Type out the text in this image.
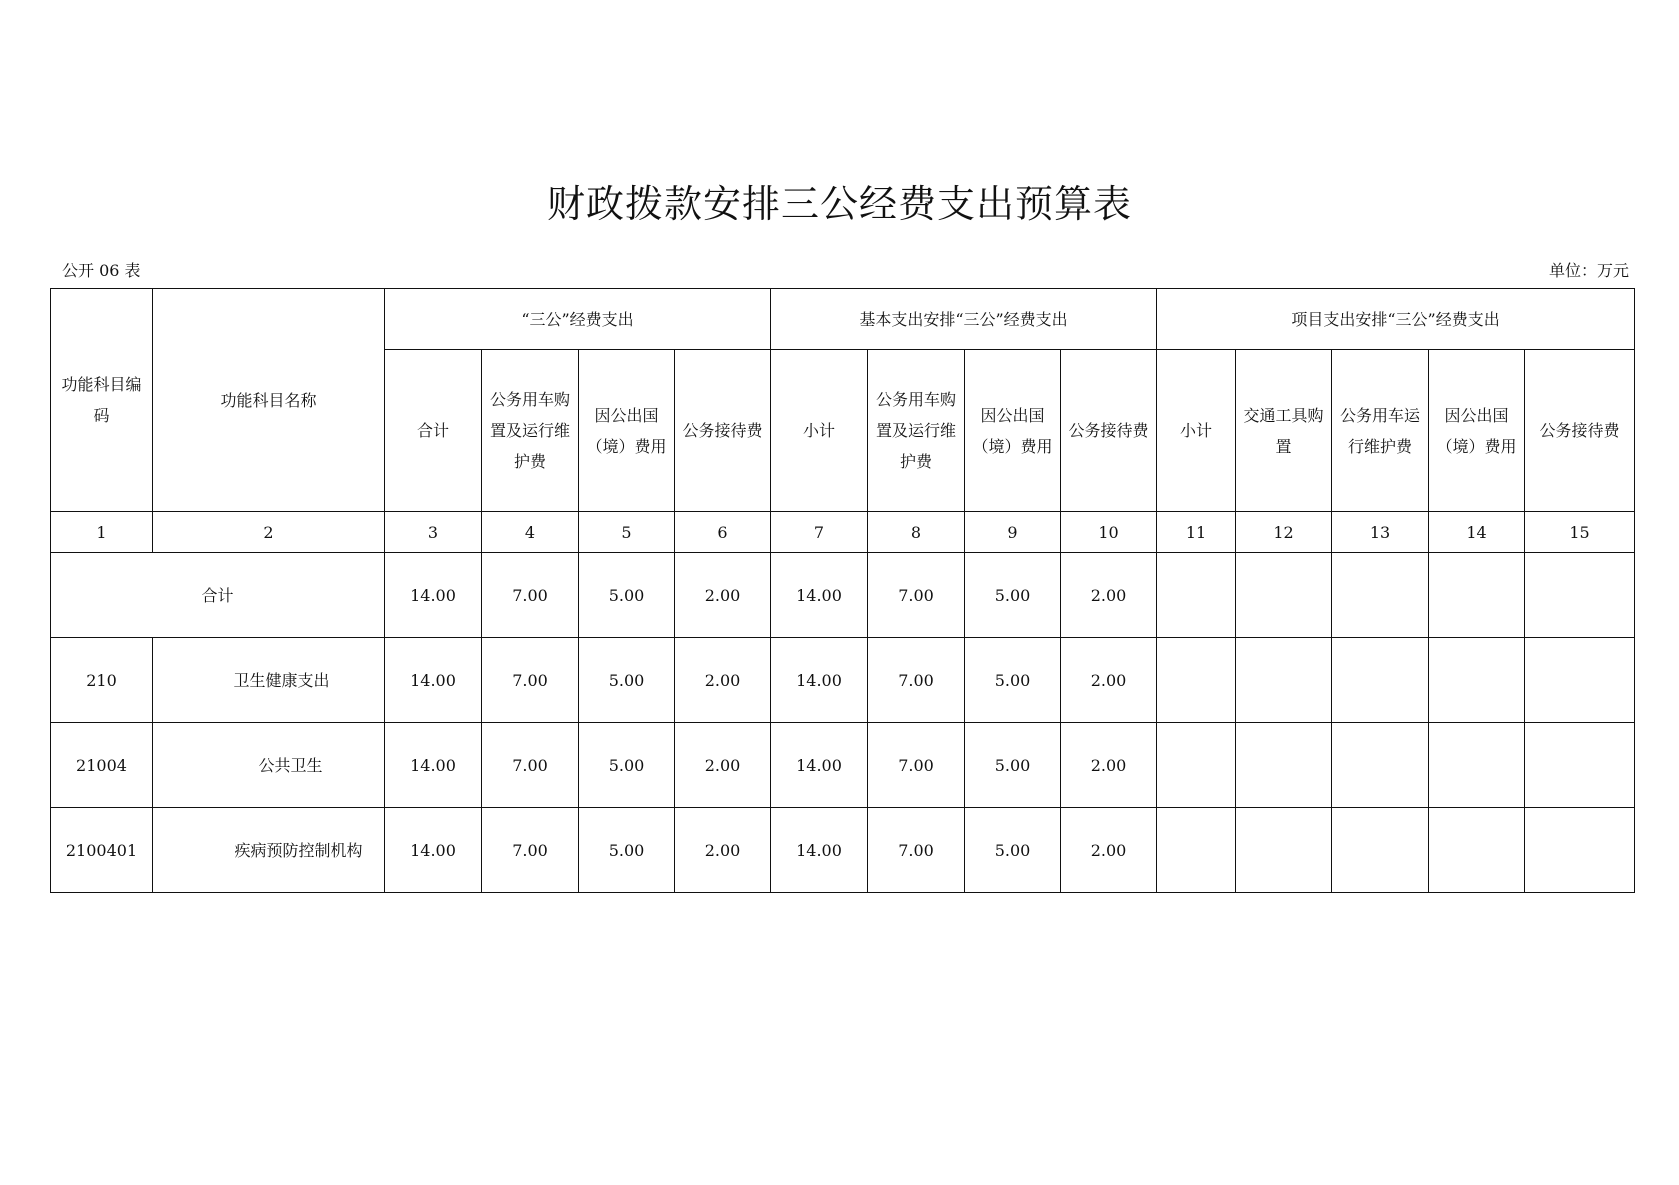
财政拨款安排三公经费支出预算表
公开 06 表	单位：万元
功能科目编码	功能科目名称	“三公”经费支出				基本支出安排“三公”经费支出				项目支出安排“三公”经费支出				
		合计	公务用车购置及运行维护费	因公出国（境）费用	公务接待费	小计	公务用车购置及运行维护费	因公出国（境）费用	公务接待费	小计	交通工具购置	公务用车运行维护费	因公出国（境）费用	公务接待费
1	2	3	4	5	6	7	8	9	10	11	12	13	14	15
合计		14.00	7.00	5.00	2.00	14.00	7.00	5.00	2.00					
210	卫生健康支出	14.00	7.00	5.00	2.00	14.00	7.00	5.00	2.00					
21004	公共卫生	14.00	7.00	5.00	2.00	14.00	7.00	5.00	2.00					
2100401	疾病预防控制机构	14.00	7.00	5.00	2.00	14.00	7.00	5.00	2.00					
